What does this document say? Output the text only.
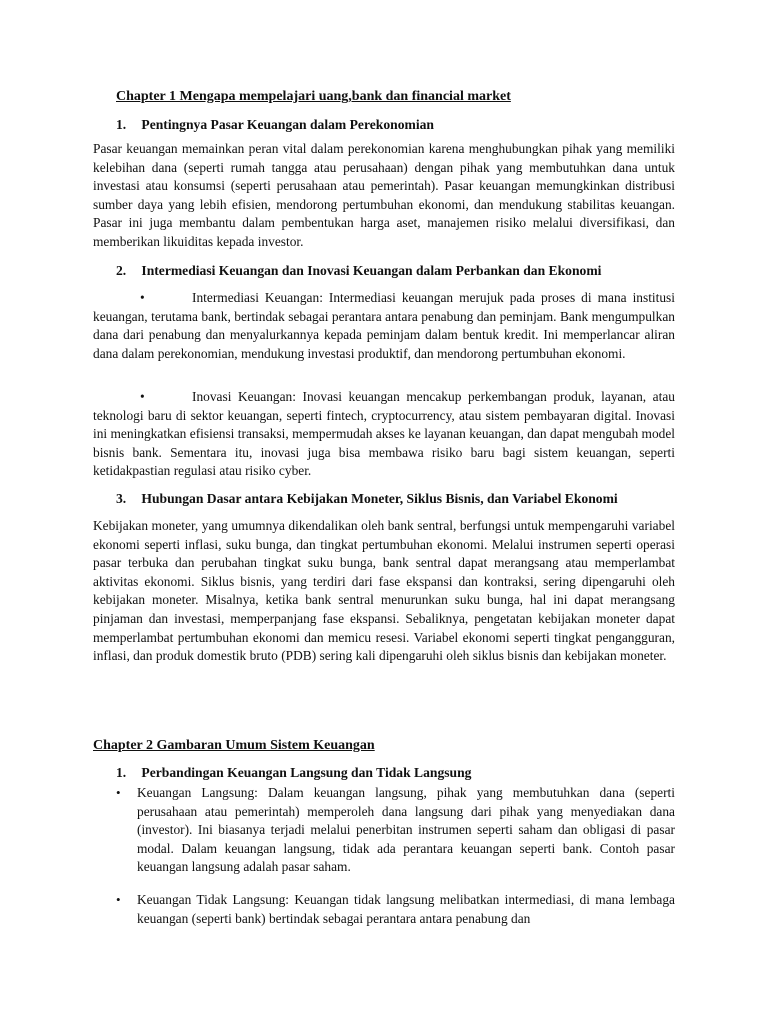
Chapter 1 Mengapa mempelajari uang,bank dan financial market
1. Pentingnya Pasar Keuangan dalam Perekonomian
Pasar keuangan memainkan peran vital dalam perekonomian karena menghubungkan pihak yang memiliki kelebihan dana (seperti rumah tangga atau perusahaan) dengan pihak yang membutuhkan dana untuk investasi atau konsumsi (seperti perusahaan atau pemerintah). Pasar keuangan memungkinkan distribusi sumber daya yang lebih efisien, mendorong pertumbuhan ekonomi, dan mendukung stabilitas keuangan. Pasar ini juga membantu dalam pembentukan harga aset, manajemen risiko melalui diversifikasi, dan memberikan likuiditas kepada investor.
2. Intermediasi Keuangan dan Inovasi Keuangan dalam Perbankan dan Ekonomi
•	Intermediasi Keuangan: Intermediasi keuangan merujuk pada proses di mana institusi keuangan, terutama bank, bertindak sebagai perantara antara penabung dan peminjam. Bank mengumpulkan dana dari penabung dan menyalurkannya kepada peminjam dalam bentuk kredit. Ini memperlancar aliran dana dalam perekonomian, mendukung investasi produktif, dan mendorong pertumbuhan ekonomi.
•	Inovasi Keuangan: Inovasi keuangan mencakup perkembangan produk, layanan, atau teknologi baru di sektor keuangan, seperti fintech, cryptocurrency, atau sistem pembayaran digital. Inovasi ini meningkatkan efisiensi transaksi, mempermudah akses ke layanan keuangan, dan dapat mengubah model bisnis bank. Sementara itu, inovasi juga bisa membawa risiko baru bagi sistem keuangan, seperti ketidakpastian regulasi atau risiko cyber.
3. Hubungan Dasar antara Kebijakan Moneter, Siklus Bisnis, dan Variabel Ekonomi
Kebijakan moneter, yang umumnya dikendalikan oleh bank sentral, berfungsi untuk mempengaruhi variabel ekonomi seperti inflasi, suku bunga, dan tingkat pertumbuhan ekonomi. Melalui instrumen seperti operasi pasar terbuka dan perubahan tingkat suku bunga, bank sentral dapat merangsang atau memperlambat aktivitas ekonomi. Siklus bisnis, yang terdiri dari fase ekspansi dan kontraksi, sering dipengaruhi oleh kebijakan moneter. Misalnya, ketika bank sentral menurunkan suku bunga, hal ini dapat merangsang pinjaman dan investasi, memperpanjang fase ekspansi. Sebaliknya, pengetatan kebijakan moneter dapat memperlambat pertumbuhan ekonomi dan memicu resesi. Variabel ekonomi seperti tingkat pengangguran, inflasi, dan produk domestik bruto (PDB) sering kali dipengaruhi oleh siklus bisnis dan kebijakan moneter.
Chapter 2 Gambaran Umum Sistem Keuangan
1. Perbandingan Keuangan Langsung dan Tidak Langsung
• Keuangan Langsung: Dalam keuangan langsung, pihak yang membutuhkan dana (seperti perusahaan atau pemerintah) memperoleh dana langsung dari pihak yang menyediakan dana (investor). Ini biasanya terjadi melalui penerbitan instrumen seperti saham dan obligasi di pasar modal. Dalam keuangan langsung, tidak ada perantara keuangan seperti bank. Contoh pasar keuangan langsung adalah pasar saham.
• Keuangan Tidak Langsung: Keuangan tidak langsung melibatkan intermediasi, di mana lembaga keuangan (seperti bank) bertindak sebagai perantara antara penabung dan
